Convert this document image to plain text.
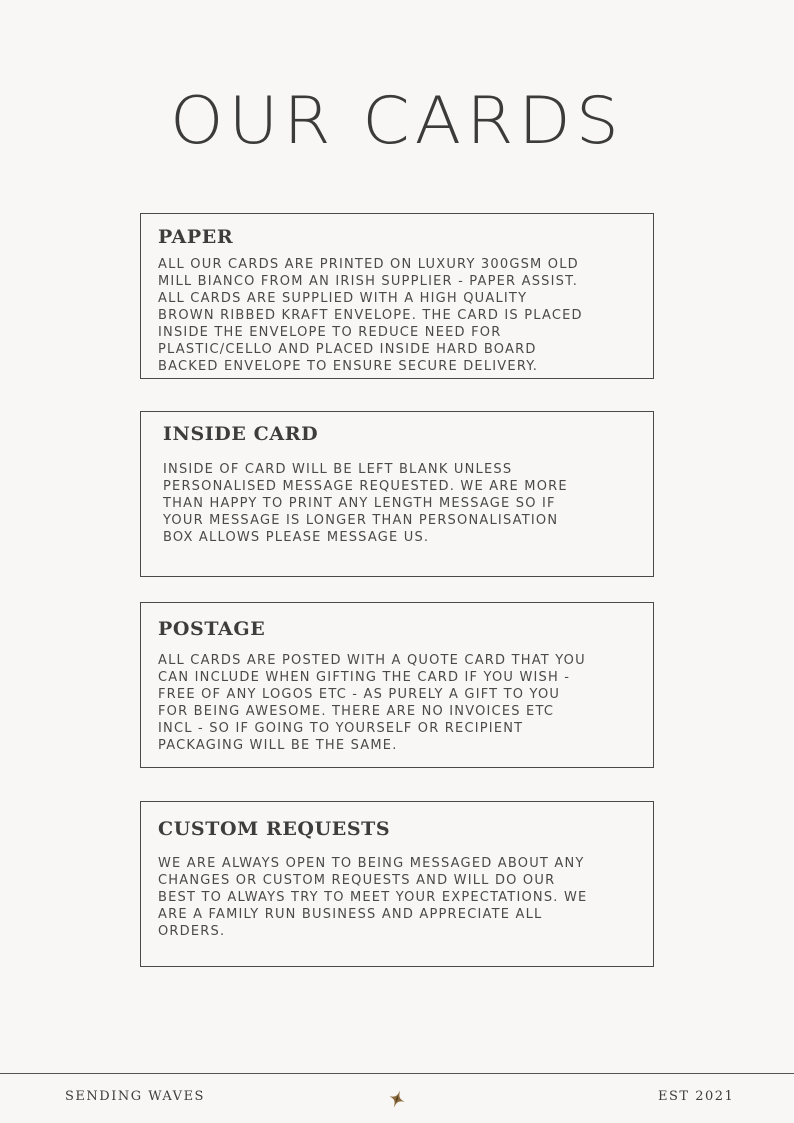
OUR CARDS
PAPER

ALL OUR CARDS ARE PRINTED ON LUXURY 300GSM OLD
MILL BIANCO FROM AN IRISH SUPPLIER - PAPER ASSIST.
ALL CARDS ARE SUPPLIED WITH A HIGH QUALITY
BROWN RIBBED KRAFT ENVELOPE. THE CARD IS PLACED
INSIDE THE ENVELOPE TO REDUCE NEED FOR
PLASTIC/CELLO AND PLACED INSIDE HARD BOARD
BACKED ENVELOPE TO ENSURE SECURE DELIVERY.

INSIDE CARD

INSIDE OF CARD WILL BE LEFT BLANK UNLESS
PERSONALISED MESSAGE REQUESTED. WE ARE MORE
THAN HAPPY TO PRINT ANY LENGTH MESSAGE SO IF
YOUR MESSAGE IS LONGER THAN PERSONALISATION
BOX ALLOWS PLEASE MESSAGE US.

POSTAGE

ALL CARDS ARE POSTED WITH A QUOTE CARD THAT YOU
CAN INCLUDE WHEN GIFTING THE CARD IF YOU WISH -
FREE OF ANY LOGOS ETC - AS PURELY A GIFT TO YOU
FOR BEING AWESOME. THERE ARE NO INVOICES ETC
INCL - SO IF GOING TO YOURSELF OR RECIPIENT
PACKAGING WILL BE THE SAME.

CUSTOM REQUESTS

WE ARE ALWAYS OPEN TO BEING MESSAGED ABOUT ANY
CHANGES OR CUSTOM REQUESTS AND WILL DO OUR
BEST TO ALWAYS TRY TO MEET YOUR EXPECTATIONS. WE
ARE A FAMILY RUN BUSINESS AND APPRECIATE ALL
ORDERS.

SENDING WAVES	EST 2021
